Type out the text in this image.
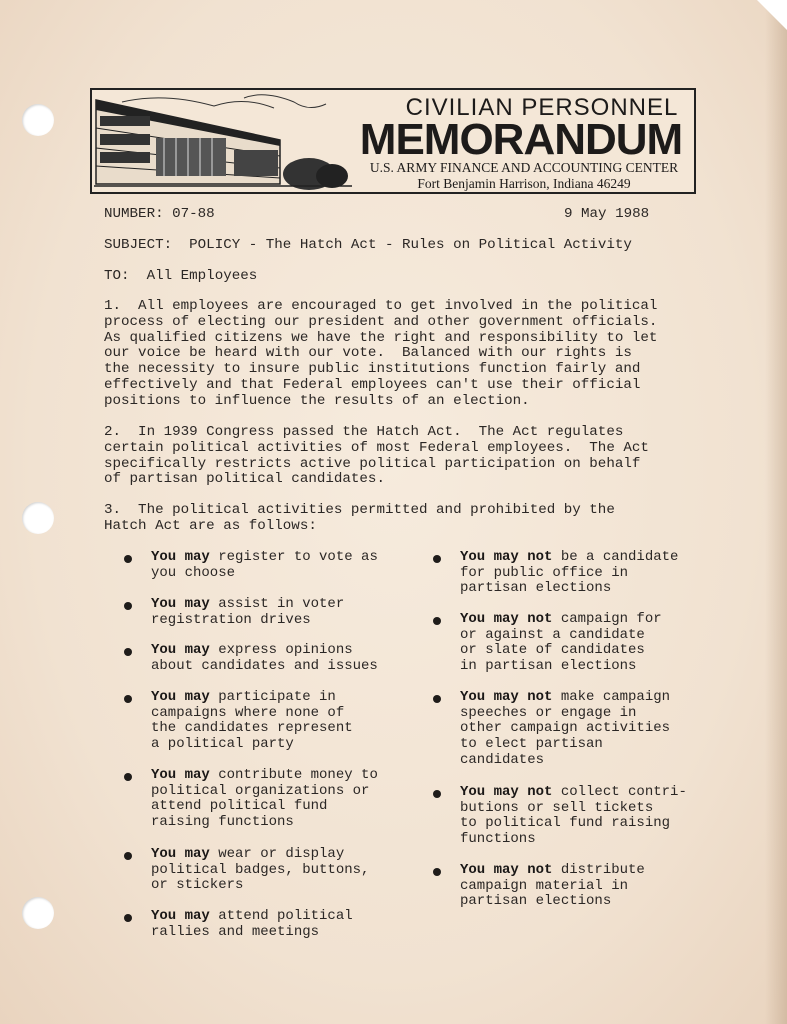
CIVILIAN PERSONNEL
MEMORANDUM
U.S. ARMY FINANCE AND ACCOUNTING CENTER
Fort Benjamin Harrison, Indiana 46249
NUMBER: 07-88	9 May 1988
SUBJECT: POLICY - The Hatch Act - Rules on Political Activity
TO: All Employees
1.  All employees are encouraged to get involved in the political
process of electing our president and other government officials.
As qualified citizens we have the right and responsibility to let
our voice be heard with our vote.  Balanced with our rights is
the necessity to insure public institutions function fairly and
effectively and that Federal employees can't use their official
positions to influence the results of an election.
2.  In 1939 Congress passed the Hatch Act.  The Act regulates
certain political activities of most Federal employees.  The Act
specifically restricts active political participation on behalf
of partisan political candidates.
3.  The political activities permitted and prohibited by the
Hatch Act are as follows:
You may register to vote as
you choose
You may assist in voter
registration drives
You may express opinions
about candidates and issues
You may participate in
campaigns where none of
the candidates represent
a political party
You may contribute money to
political organizations or
attend political fund
raising functions
You may wear or display
political badges, buttons,
or stickers
You may attend political
rallies and meetings
You may not be a candidate
for public office in
partisan elections
You may not campaign for
or against a candidate
or slate of candidates
in partisan elections
You may not make campaign
speeches or engage in
other campaign activities
to elect partisan
candidates
You may not collect contri-
butions or sell tickets
to political fund raising
functions
You may not distribute
campaign material in
partisan elections
